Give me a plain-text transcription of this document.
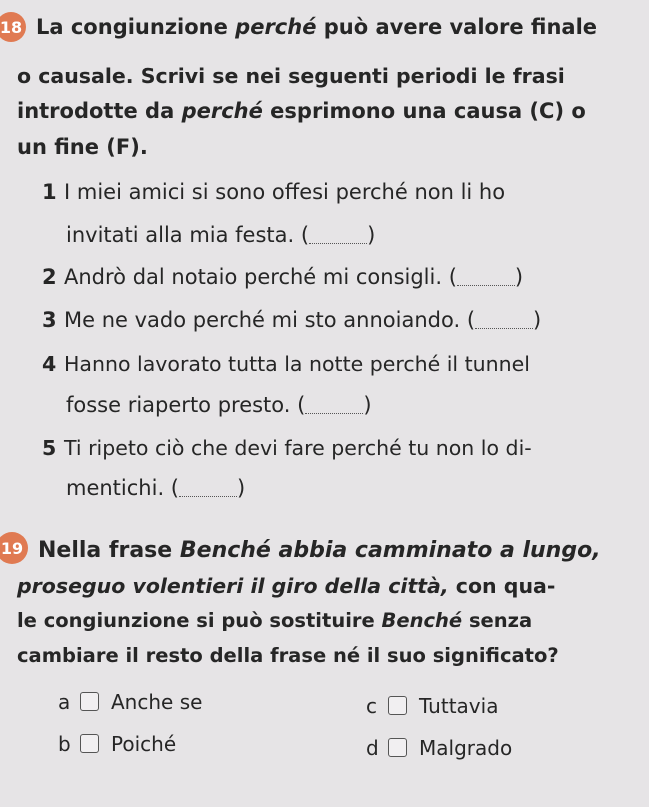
18 La congiunzione perché può avere valore finale
o causale. Scrivi se nei seguenti periodi le frasi
introdotte da perché esprimono una causa (C) o
un fine (F).
1 I miei amici si sono offesi perché non li ho
invitati alla mia festa. (	)
2 Andrò dal notaio perché mi consigli. (	)
3 Me ne vado perché mi sto annoiando. (	)
4 Hanno lavorato tutta la notte perché il tunnel
fosse riaperto presto. (	)
5 Ti ripeto ciò che devi fare perché tu non lo di-
mentichi. (	)
19 Nella frase Benché abbia camminato a lungo,
proseguo volentieri il giro della città, con qua-
le congiunzione si può sostituire Benché senza
cambiare il resto della frase né il suo significato?
a Anche se
b Poiché
c Tuttavia
d Malgrado
